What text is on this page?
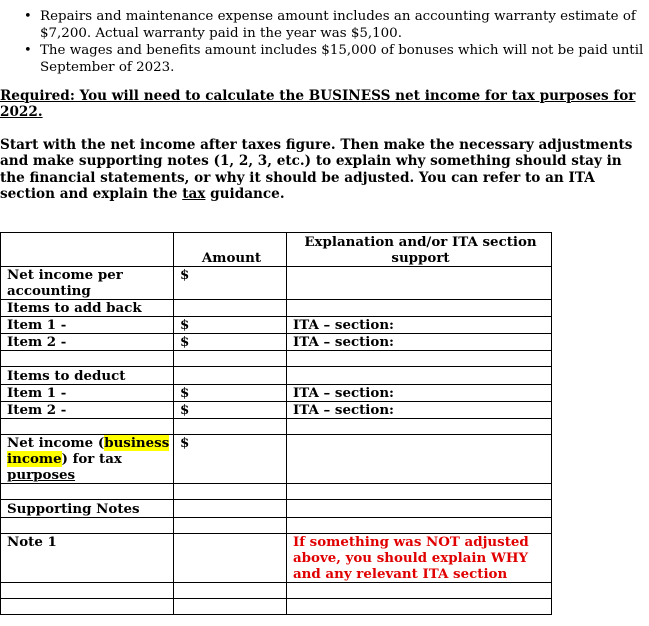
• Repairs and maintenance expense amount includes an accounting warranty estimate of $7,200. Actual warranty paid in the year was $5,100.
• The wages and benefits amount includes $15,000 of bonuses which will not be paid until September of 2023.

Required: You will need to calculate the BUSINESS net income for tax purposes for 2022.

Start with the net income after taxes figure. Then make the necessary adjustments and make supporting notes (1, 2, 3, etc.) to explain why something should stay in the financial statements, or why it should be adjusted. You can refer to an ITA section and explain the tax guidance.

	Amount	Explanation and/or ITA section support
Net income per accounting	$	
Items to add back		
Item 1 -	$	ITA – section:
Item 2 -	$	ITA – section:

Items to deduct		
Item 1 -	$	ITA – section:
Item 2 -	$	ITA – section:

Net income (business income) for tax
purposes	$	

Supporting Notes		

Note 1		If something was NOT adjusted above, you should explain WHY and any relevant ITA section
